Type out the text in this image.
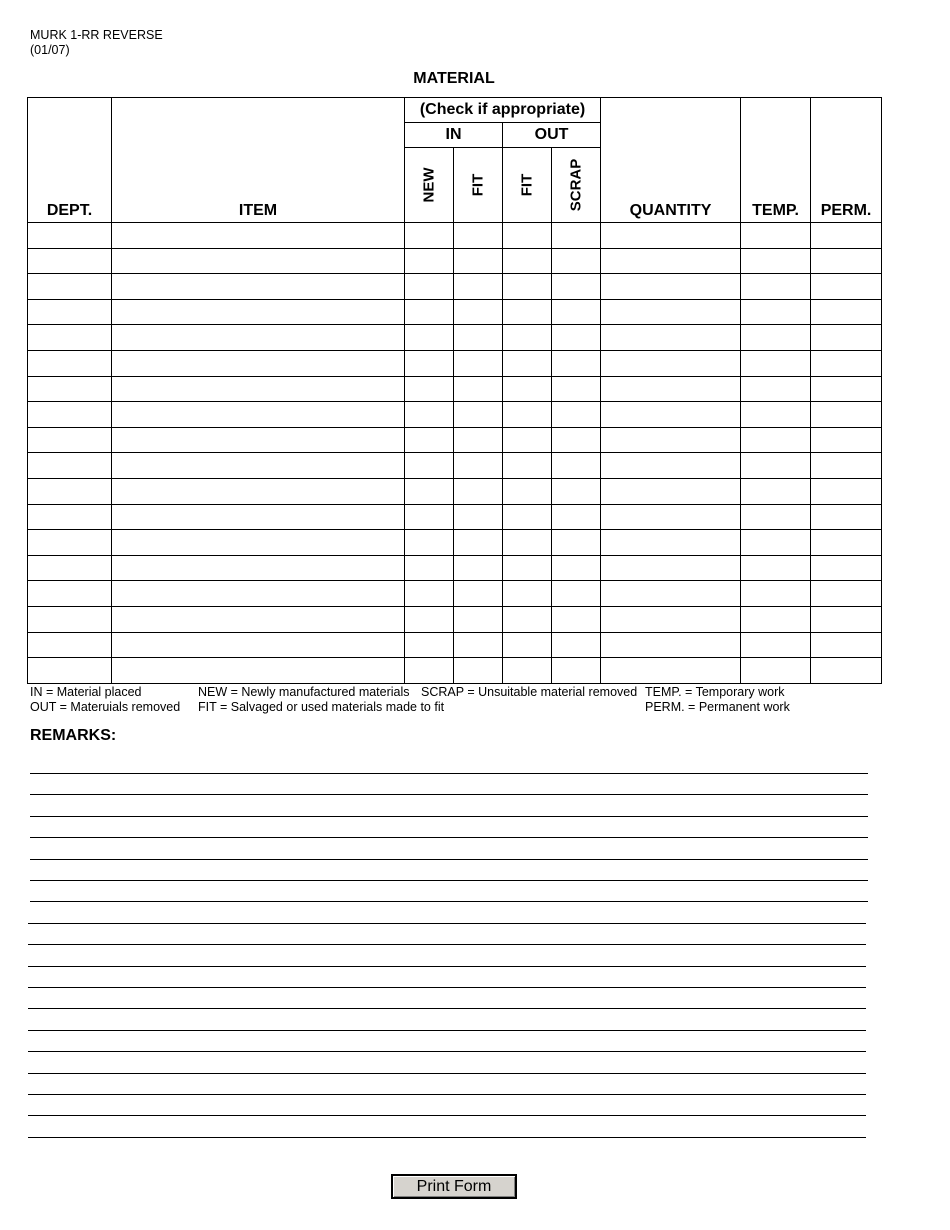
MURK 1-RR REVERSE
(01/07)
MATERIAL
DEPT.	ITEM	(Check if appropriate)				QUANTITY	TEMP.	PERM.
		IN		OUT				

		NEW	FIT	FIT	SCRAP			

IN = Material placed
OUT = Materuials removed
NEW = Newly manufactured materials
FIT = Salvaged or used materials made to fit
SCRAP = Unsuitable material removed TEMP. = Temporary work
PERM. = Permanent work
REMARKS:
Print Form
